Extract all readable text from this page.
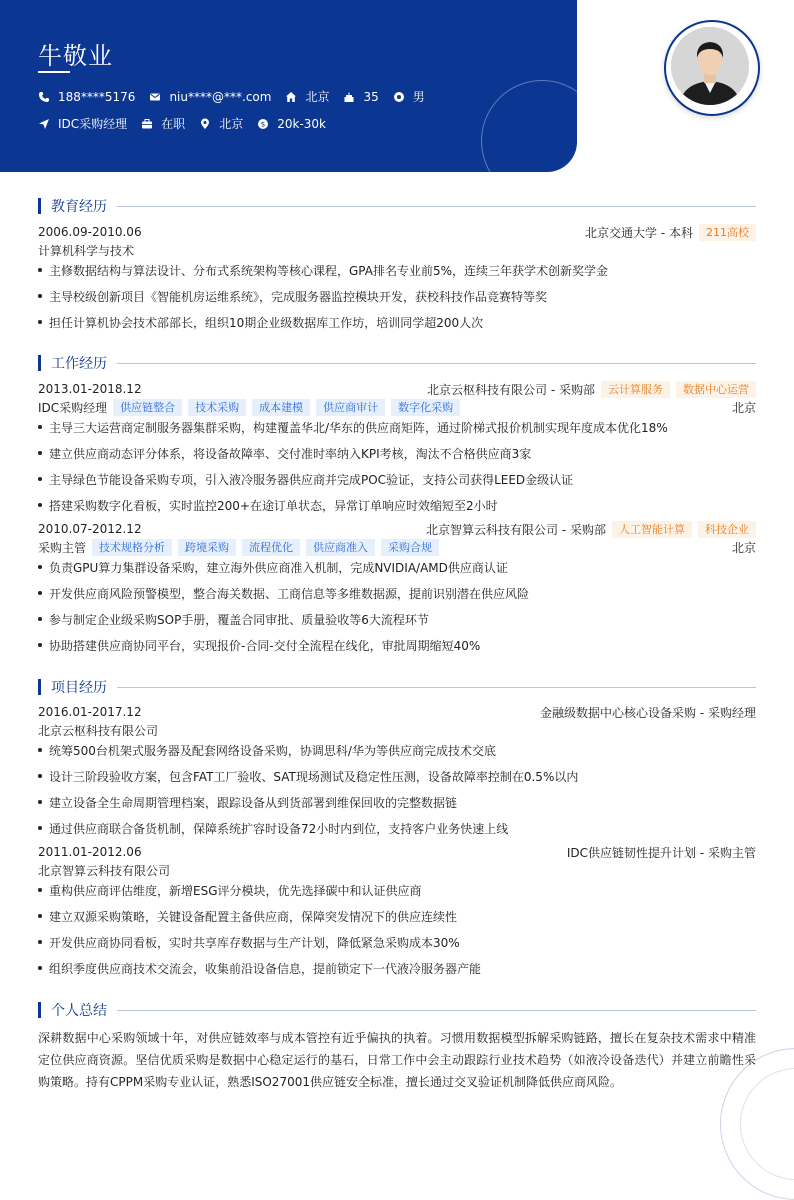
牛敬业
188****5176	niu****@***.com	北京	35	男
IDC采购经理	在职	北京	$ 20k-30k
教育经历
2006.09-2010.06	北京交通大学 - 本科	211高校
计算机科学与技术
主修数据结构与算法设计、分布式系统架构等核心课程，GPA排名专业前5%，连续三年获学术创新奖学金
主导校级创新项目《智能机房运维系统》，完成服务器监控模块开发，获校科技作品竞赛特等奖
担任计算机协会技术部部长，组织10期企业级数据库工作坊，培训同学超200人次
工作经历
2013.01-2018.12	北京云枢科技有限公司 - 采购部	云计算服务	数据中心运营
IDC采购经理	供应链整合	技术采购	成本建模	供应商审计	数字化采购	北京
主导三大运营商定制服务器集群采购，构建覆盖华北/华东的供应商矩阵，通过阶梯式报价机制实现年度成本优化18%
建立供应商动态评分体系，将设备故障率、交付准时率纳入KPI考核，淘汰不合格供应商3家
主导绿色节能设备采购专项，引入液冷服务器供应商并完成POC验证，支持公司获得LEED金级认证
搭建采购数字化看板，实时监控200+在途订单状态，异常订单响应时效缩短至2小时
2010.07-2012.12	北京智算云科技有限公司 - 采购部	人工智能计算	科技企业
采购主管	技术规格分析	跨境采购	流程优化	供应商准入	采购合规	北京
负责GPU算力集群设备采购，建立海外供应商准入机制，完成NVIDIA/AMD供应商认证
开发供应商风险预警模型，整合海关数据、工商信息等多维数据源，提前识别潜在供应风险
参与制定企业级采购SOP手册，覆盖合同审批、质量验收等6大流程环节
协助搭建供应商协同平台，实现报价-合同-交付全流程在线化，审批周期缩短40%
项目经历
2016.01-2017.12	金融级数据中心核心设备采购 - 采购经理
北京云枢科技有限公司
统筹500台机架式服务器及配套网络设备采购，协调思科/华为等供应商完成技术交底
设计三阶段验收方案，包含FAT工厂验收、SAT现场测试及稳定性压测，设备故障率控制在0.5%以内
建立设备全生命周期管理档案，跟踪设备从到货部署到维保回收的完整数据链
通过供应商联合备货机制，保障系统扩容时设备72小时内到位，支持客户业务快速上线
2011.01-2012.06	IDC供应链韧性提升计划 - 采购主管
北京智算云科技有限公司
重构供应商评估维度，新增ESG评分模块，优先选择碳中和认证供应商
建立双源采购策略，关键设备配置主备供应商，保障突发情况下的供应连续性
开发供应商协同看板，实时共享库存数据与生产计划，降低紧急采购成本30%
组织季度供应商技术交流会，收集前沿设备信息，提前锁定下一代液冷服务器产能
个人总结
深耕数据中心采购领域十年，对供应链效率与成本管控有近乎偏执的执着。习惯用数据模型拆解采购链路，擅长在复杂技术需求中精准定位供应商资源。坚信优质采购是数据中心稳定运行的基石，日常工作中会主动跟踪行业技术趋势（如液冷设备迭代）并建立前瞻性采购策略。持有CPPM采购专业认证，熟悉ISO27001供应链安全标准，擅长通过交叉验证机制降低供应商风险。
